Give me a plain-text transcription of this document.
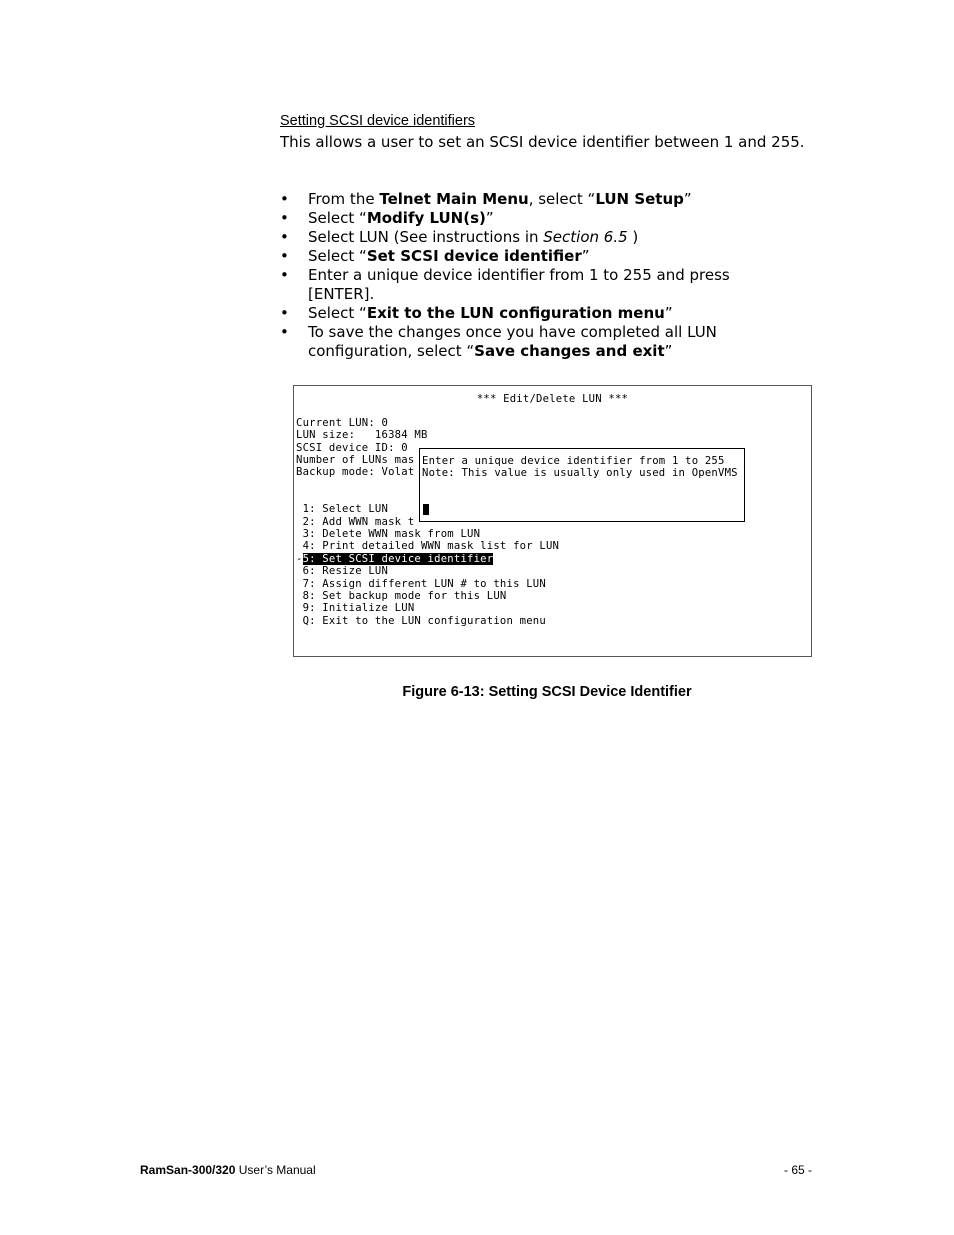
Setting SCSI device identifiers
This allows a user to set an SCSI device identifier between 1 and 255.
• From the Telnet Main Menu, select “LUN Setup”
• Select “Modify LUN(s)”
• Select LUN (See instructions in Section 6.5 )
• Select “Set SCSI device identifier”
• Enter a unique device identifier from 1 to 255 and press [ENTER].
• Select “Exit to the LUN configuration menu”
• To save the changes once you have completed all LUN configuration, select “Save changes and exit”
*** Edit/Delete LUN ***
Current LUN: 0
LUN size:   16384 MB
SCSI device ID: 0
Number of LUNs mas
Backup mode: Volat
1: Select LUN
2: Add WWN mask t
3: Delete WWN mask from LUN
4: Print detailed WWN mask list for LUN
-5: Set SCSI device identifier
6: Resize LUN
7: Assign different LUN # to this LUN
8: Set backup mode for this LUN
9: Initialize LUN
Q: Exit to the LUN configuration menu
Enter a unique device identifier from 1 to 255
Note: This value is usually only used in OpenVMS
Figure 6-13: Setting SCSI Device Identifier
RamSan-300/320 User’s Manual	- 65 -
